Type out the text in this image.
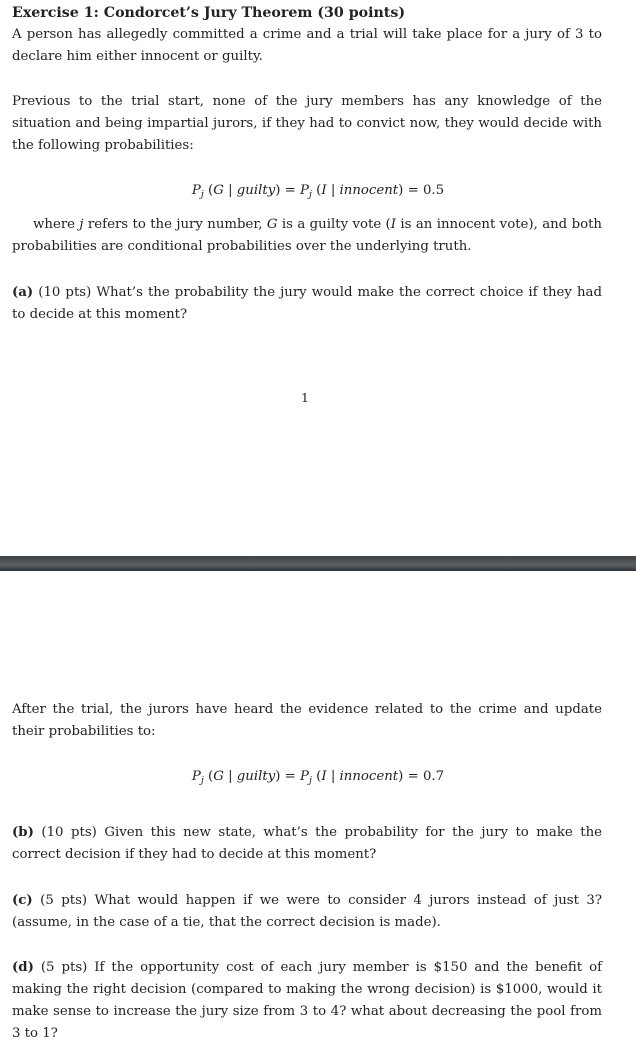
Exercise 1: Condorcet’s Jury Theorem (30 points)
A person has allegedly committed a crime and a trial will take place for a jury of 3 to declare him either innocent or guilty.
Previous to the trial start, none of the jury members has any knowledge of the situation and being impartial jurors, if they had to convict now, they would decide with the following probabilities:
$P_j$ (G | guilty) = $P_j$ (I | innocent) = 0.5
where j refers to the jury number, G is a guilty vote (I is an innocent vote), and both probabilities are conditional probabilities over the underlying truth.
(a) (10 pts) What’s the probability the jury would make the correct choice if they had to decide at this moment?
1
After the trial, the jurors have heard the evidence related to the crime and update their probabilities to:
$P_j$ (G | guilty) = $P_j$ (I | innocent) = 0.7
(b) (10 pts) Given this new state, what’s the probability for the jury to make the correct decision if they had to decide at this moment?
(c) (5 pts) What would happen if we were to consider 4 jurors instead of just 3? (assume, in the case of a tie, that the correct decision is made).
(d) (5 pts) If the opportunity cost of each jury member is $150 and the benefit of making the right decision (compared to making the wrong decision) is $1000, would it make sense to increase the jury size from 3 to 4? what about decreasing the pool from 3 to 1?
